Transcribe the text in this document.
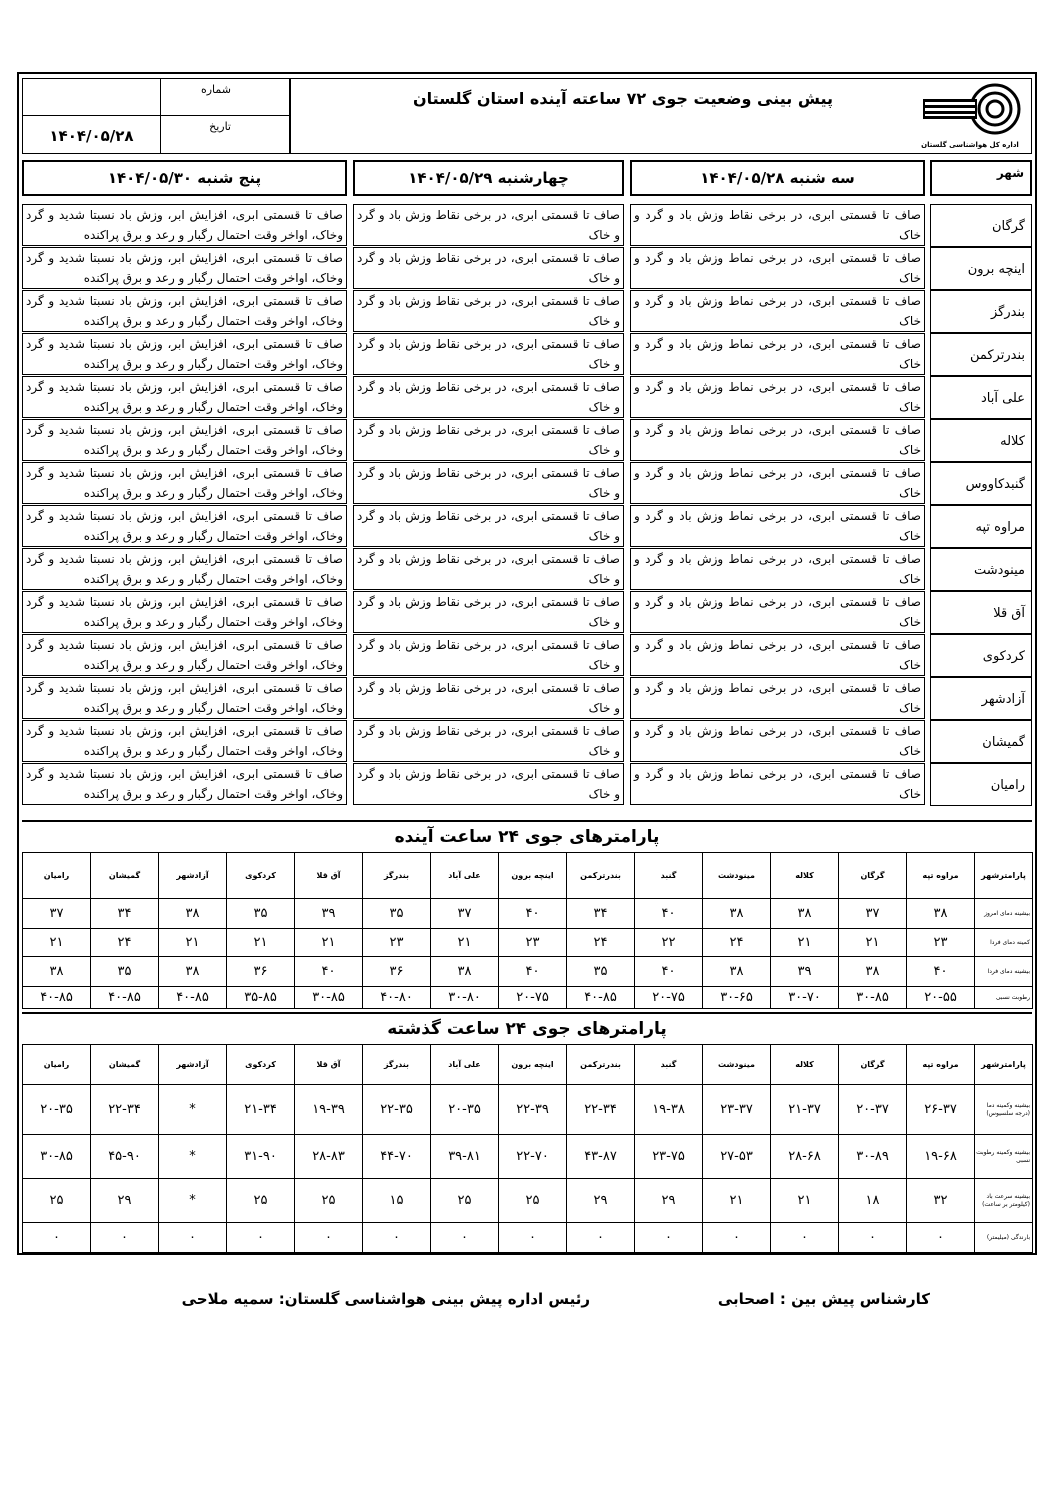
شماره
۱۴۰۴/۰۵/۲۸
تاریخ
پیش بینی وضعیت جوی ۷۲ ساعته آینده استان گلستان
اداره کل هواشناسی گلستان
پنج شنبه ۱۴۰۴/۰۵/۳۰	چهارشنبه ۱۴۰۴/۰۵/۲۹	سه شنبه ۱۴۰۴/۰۵/۲۸	شهر
صاف تا قسمتی ابری، افزایش ابر، وزش باد نسبتا شدید و گرد وخاک، اواخر وقت احتمال رگبار و رعد و برق پراکنده
صاف تا قسمتی ابری، در برخی نقاط وزش باد و گرد و خاک
صاف تا قسمتی ابری، در برخی نقاط وزش باد و گرد و خاک
گرگان
صاف تا قسمتی ابری، افزایش ابر، وزش باد نسبتا شدید و گرد وخاک، اواخر وقت احتمال رگبار و رعد و برق پراکنده
صاف تا قسمتی ابری، در برخی نقاط وزش باد و گرد و خاک
صاف تا قسمتی ابری، در برخی نماط وزش باد و گرد و خاک
اینچه برون
صاف تا قسمتی ابری، افزایش ابر، وزش باد نسبتا شدید و گرد وخاک، اواخر وقت احتمال رگبار و رعد و برق پراکنده
صاف تا قسمتی ابری، در برخی نقاط وزش باد و گرد و خاک
صاف تا قسمتی ابری، در برخی نماط وزش باد و گرد و خاک
بندرگز
صاف تا قسمتی ابری، افزایش ابر، وزش باد نسبتا شدید و گرد وخاک، اواخر وقت احتمال رگبار و رعد و برق پراکنده
صاف تا قسمتی ابری، در برخی نقاط وزش باد و گرد و خاک
صاف تا قسمتی ابری، در برخی نماط وزش باد و گرد و خاک
بندرترکمن
صاف تا قسمتی ابری، افزایش ابر، وزش باد نسبتا شدید و گرد وخاک، اواخر وقت احتمال رگبار و رعد و برق پراکنده
صاف تا قسمتی ابری، در برخی نقاط وزش باد و گرد و خاک
صاف تا قسمتی ابری، در برخی نماط وزش باد و گرد و خاک
علی آباد
صاف تا قسمتی ابری، افزایش ابر، وزش باد نسبتا شدید و گرد وخاک، اواخر وقت احتمال رگبار و رعد و برق پراکنده
صاف تا قسمتی ابری، در برخی نقاط وزش باد و گرد و خاک
صاف تا قسمتی ابری، در برخی نماط وزش باد و گرد و خاک
کلاله
صاف تا قسمتی ابری، افزایش ابر، وزش باد نسبتا شدید و گرد وخاک، اواخر وقت احتمال رگبار و رعد و برق پراکنده
صاف تا قسمتی ابری، در برخی نقاط وزش باد و گرد و خاک
صاف تا قسمتی ابری، در برخی نماط وزش باد و گرد و خاک
گنبدکاووس
صاف تا قسمتی ابری، افزایش ابر، وزش باد نسبتا شدید و گرد وخاک، اواخر وقت احتمال رگبار و رعد و برق پراکنده
صاف تا قسمتی ابری، در برخی نقاط وزش باد و گرد و خاک
صاف تا قسمتی ابری، در برخی نماط وزش باد و گرد و خاک
مراوه تپه
صاف تا قسمتی ابری، افزایش ابر، وزش باد نسبتا شدید و گرد وخاک، اواخر وقت احتمال رگبار و رعد و برق پراکنده
صاف تا قسمتی ابری، در برخی نقاط وزش باد و گرد و خاک
صاف تا قسمتی ابری، در برخی نماط وزش باد و گرد و خاک
مینودشت
صاف تا قسمتی ابری، افزایش ابر، وزش باد نسبتا شدید و گرد وخاک، اواخر وقت احتمال رگبار و رعد و برق پراکنده
صاف تا قسمتی ابری، در برخی نقاط وزش باد و گرد و خاک
صاف تا قسمتی ابری، در برخی نماط وزش باد و گرد و خاک
آق قلا
صاف تا قسمتی ابری، افزایش ابر، وزش باد نسبتا شدید و گرد وخاک، اواخر وقت احتمال رگبار و رعد و برق پراکنده
صاف تا قسمتی ابری، در برخی نقاط وزش باد و گرد و خاک
صاف تا قسمتی ابری، در برخی نماط وزش باد و گرد و خاک
کردکوی
صاف تا قسمتی ابری، افزایش ابر، وزش باد نسبتا شدید و گرد وخاک، اواخر وقت احتمال رگبار و رعد و برق پراکنده
صاف تا قسمتی ابری، در برخی نقاط وزش باد و گرد و خاک
صاف تا قسمتی ابری، در برخی نماط وزش باد و گرد و خاک
آزادشهر
صاف تا قسمتی ابری، افزایش ابر، وزش باد نسبتا شدید و گرد وخاک، اواخر وقت احتمال رگبار و رعد و برق پراکنده
صاف تا قسمتی ابری، در برخی نقاط وزش باد و گرد و خاک
صاف تا قسمتی ابری، در برخی نماط وزش باد و گرد و خاک
گمیشان
صاف تا قسمتی ابری، افزایش ابر، وزش باد نسبتا شدید و گرد وخاک، اواخر وقت احتمال رگبار و رعد و برق پراکنده
صاف تا قسمتی ابری، در برخی نقاط وزش باد و گرد و خاک
صاف تا قسمتی ابری، در برخی نماط وزش باد و گرد و خاک
رامیان
پارامترهای جوی ۲۴ ساعت آینده
پارامترشهر	مراوه تپه	گرگان	کلاله	مینودشت	گنبد	بندرترکمن	اینچه برون	علی آباد	بندرگز	آق قلا	کردکوی	آزادشهر	گمیشان	رامیان
بیشینه دمای امروز	۳۸	۳۷	۳۸	۳۸	۴۰	۳۴	۴۰	۳۷	۳۵	۳۹	۳۵	۳۸	۳۴	۳۷
کمینه دمای فردا	۲۳	۲۱	۲۱	۲۴	۲۲	۲۴	۲۳	۲۱	۲۳	۲۱	۲۱	۲۱	۲۴	۲۱
بیشینه دمای فردا	۴۰	۳۸	۳۹	۳۸	۴۰	۳۵	۴۰	۳۸	۳۶	۴۰	۳۶	۳۸	۳۵	۳۸
رطوبت نسبی	۲۰-۵۵	۳۰-۸۵	۳۰-۷۰	۳۰-۶۵	۲۰-۷۵	۴۰-۸۵	۲۰-۷۵	۳۰-۸۰	۴۰-۸۰	۳۰-۸۵	۳۵-۸۵	۴۰-۸۵	۴۰-۸۵	۴۰-۸۵
پارامترهای جوی ۲۴ ساعت گذشته
پارامترشهر	مراوه تپه	گرگان	کلاله	مینودشت	گنبد	بندرترکمن	اینچه برون	علی آباد	بندرگز	آق قلا	کردکوی	آزادشهر	گمیشان	رامیان
بیشینه وکمینه دما (درجه سلسیوس)	۲۶-۳۷	۲۰-۳۷	۲۱-۳۷	۲۳-۳۷	۱۹-۳۸	۲۲-۳۴	۲۲-۳۹	۲۰-۳۵	۲۲-۳۵	۱۹-۳۹	۲۱-۳۴	*	۲۲-۳۴	۲۰-۳۵
بیشینه وکمینه رطوبت نسبی	۱۹-۶۸	۳۰-۸۹	۲۸-۶۸	۲۷-۵۳	۲۳-۷۵	۴۳-۸۷	۲۲-۷۰	۳۹-۸۱	۴۴-۷۰	۲۸-۸۳	۳۱-۹۰	*	۴۵-۹۰	۳۰-۸۵
بیشینه سرعت باد (کیلومتر بر ساعت)	۳۲	۱۸	۲۱	۲۱	۲۹	۲۹	۲۵	۲۵	۱۵	۲۵	۲۵	*	۲۹	۲۵
بارندگی (میلیمتر)	۰	۰	۰	۰	۰	۰	۰	۰	۰	۰	۰	۰	۰	۰
کارشناس پیش بین : اصحابی
رئیس اداره پیش بینی هواشناسی گلستان: سمیه ملاحی
